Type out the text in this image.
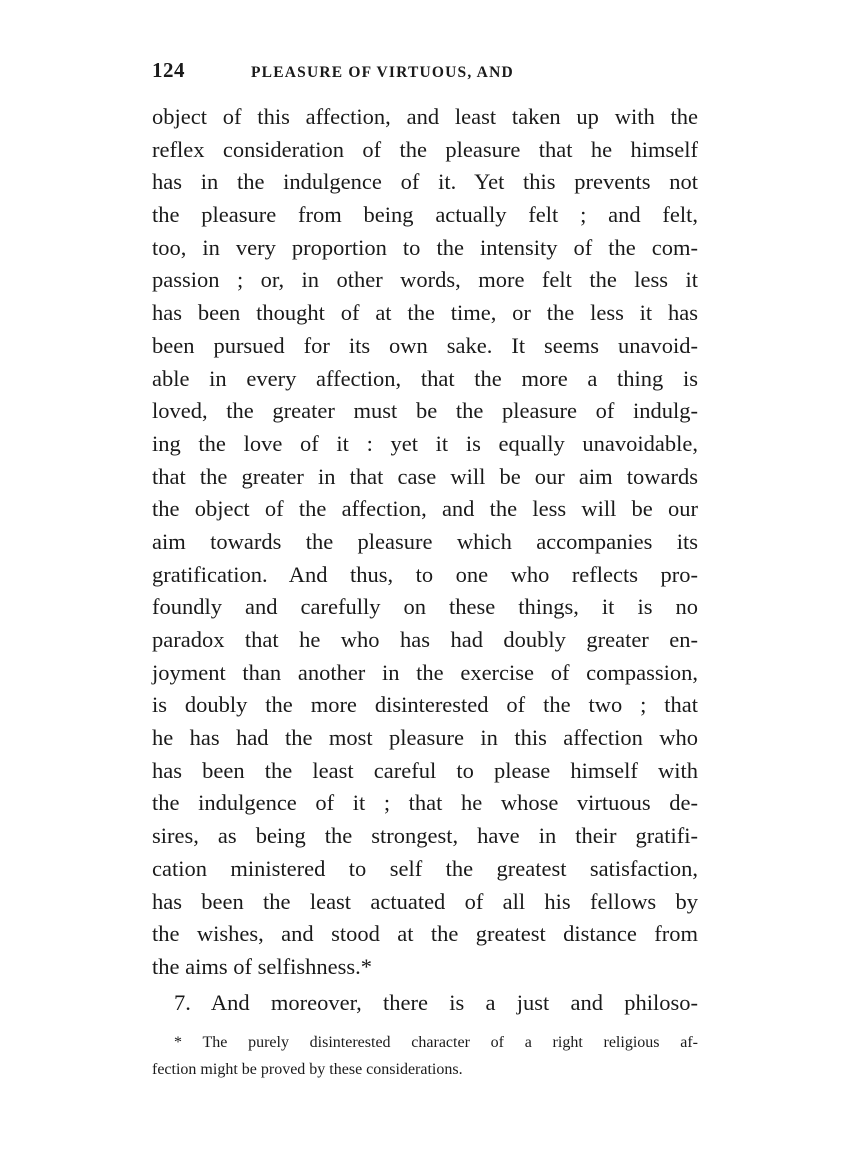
124	PLEASURE OF VIRTUOUS, AND
object of this affection, and least taken up with the
reflex consideration of the pleasure that he himself
has in the indulgence of it. Yet this prevents not
the pleasure from being actually felt ; and felt,
too, in very proportion to the intensity of the com-
passion ; or, in other words, more felt the less it
has been thought of at the time, or the less it has
been pursued for its own sake. It seems unavoid-
able in every affection, that the more a thing is
loved, the greater must be the pleasure of indulg-
ing the love of it : yet it is equally unavoidable,
that the greater in that case will be our aim towards
the object of the affection, and the less will be our
aim towards the pleasure which accompanies its
gratification. And thus, to one who reflects pro-
foundly and carefully on these things, it is no
paradox that he who has had doubly greater en-
joyment than another in the exercise of compassion,
is doubly the more disinterested of the two ; that
he has had the most pleasure in this affection who
has been the least careful to please himself with
the indulgence of it ; that he whose virtuous de-
sires, as being the strongest, have in their gratifi-
cation ministered to self the greatest satisfaction,
has been the least actuated of all his fellows by
the wishes, and stood at the greatest distance from
the aims of selfishness.*
7. And moreover, there is a just and philoso-
* The purely disinterested character of a right religious af-
fection might be proved by these considerations.
